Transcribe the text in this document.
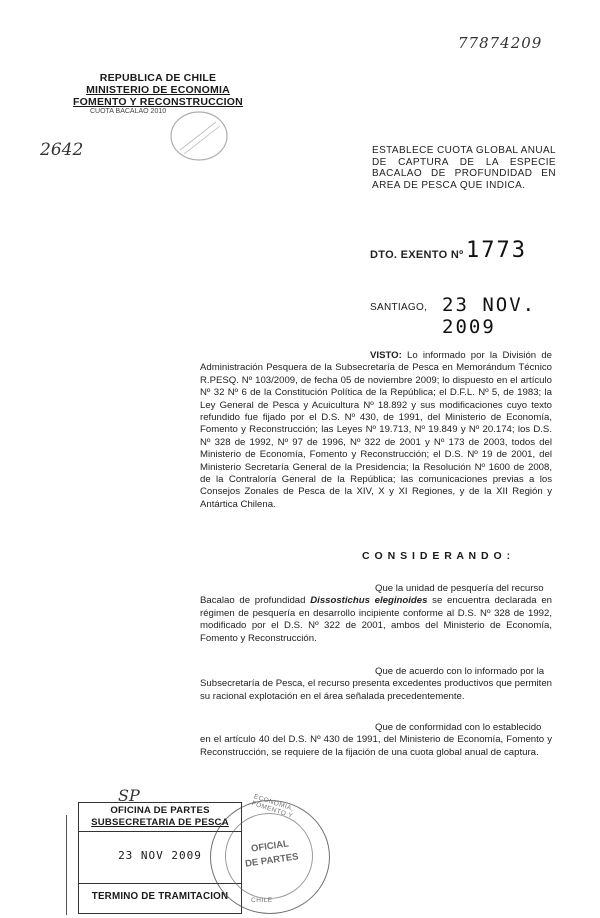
77874209
2642
SP
REPUBLICA DE CHILE
MINISTERIO DE ECONOMIA
FOMENTO Y RECONSTRUCCION
CUOTA BACALAO 2010
ESTABLECE CUOTA GLOBAL ANUAL DE CAPTURA DE LA ESPECIE BACALAO DE PROFUNDIDAD EN AREA DE PESCA QUE INDICA.
DTO. EXENTO Nº 1773
SANTIAGO, 23 NOV. 2009

VISTO: Lo informado por la División de Administración Pesquera de la Subsecretaría de Pesca en Memorándum Técnico R.PESQ. Nº 103/2009, de fecha 05 de noviembre 2009; lo dispuesto en el artículo Nº 32 Nº 6 de la Constitución Política de la República; el D.F.L. Nº 5, de 1983; la Ley General de Pesca y Acuicultura Nº 18.892 y sus modificaciones cuyo texto refundido fue fijado por el D.S. Nº 430, de 1991, del Ministerio de Economía, Fomento y Reconstrucción; las Leyes Nº 19.713, Nº 19.849 y Nº 20.174; los D.S. Nº 328 de 1992, Nº 97 de 1996, Nº 322 de 2001 y Nº 173 de 2003, todos del Ministerio de Economía, Fomento y Reconstrucción; el D.S. Nº 19 de 2001, del Ministerio Secretaría General de la Presidencia; la Resolución Nº 1600 de 2008, de la Contraloría General de la República; las comunicaciones previas a los Consejos Zonales de Pesca de la XIV, X y XI Regiones, y de la XII Región y Antártica Chilena.

C O N S I D E R A N D O :
Que la unidad de pesquería del recurso
Bacalao de profundidad Dissostichus eleginoides se encuentra declarada en régimen de pesquería en desarrollo incipiente conforme al D.S. Nº 328 de 1992, modificado por el D.S. Nº 322 de 2001, ambos del Ministerio de Economía, Fomento y Reconstrucción.
Que de acuerdo con lo informado por la
Subsecretaría de Pesca, el recurso presenta excedentes productivos que permiten su racional explotación en el área señalada precedentemente.
Que de conformidad con lo establecido
en el artículo 40 del D.S. Nº 430 de 1991, del Ministerio de Economía, Fomento y Reconstrucción, se requiere de la fijación de una cuota global anual de captura.
OFICINA DE PARTES
SUBSECRETARIA DE PESCA
23 NOV 2009
TERMINO DE TRAMITACION
ECONOMIA, FOMENTO Y
OFICIAL
DE PARTES
CHILE
